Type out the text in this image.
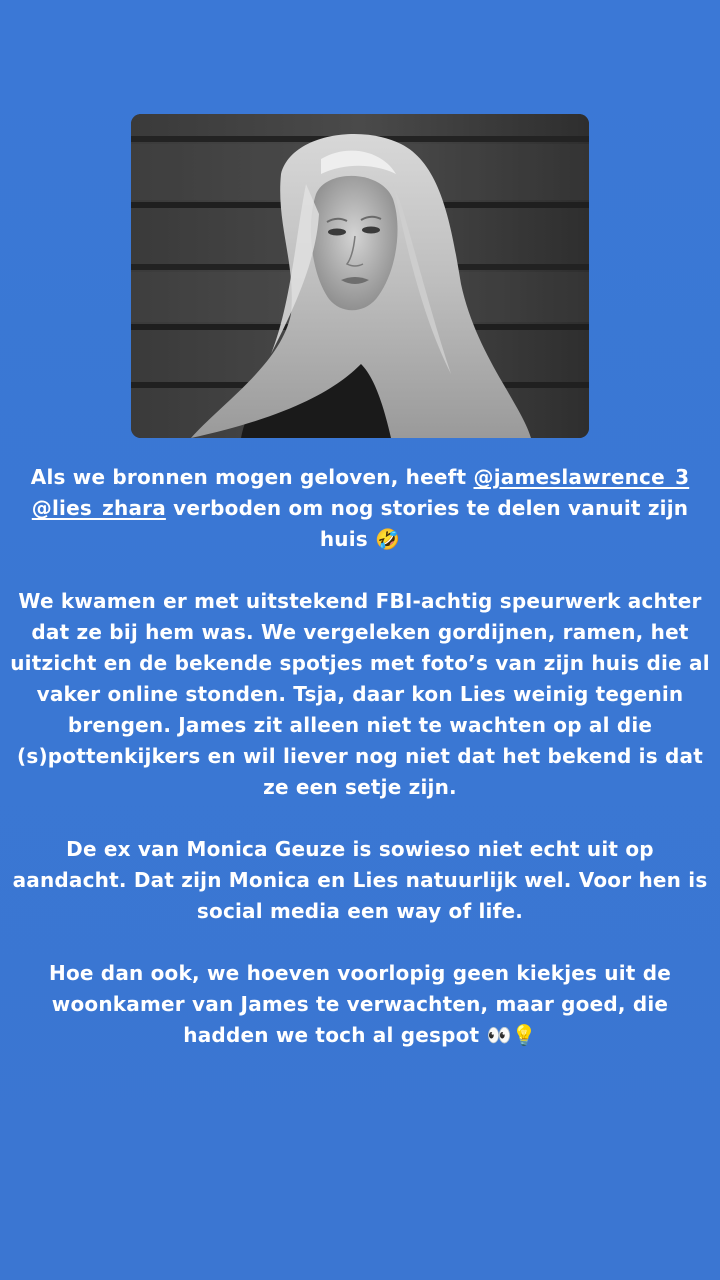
Als we bronnen mogen geloven, heeft @jameslawrence_3 @lies_zhara verboden om nog stories te delen vanuit zijn huis 🤣

We kwamen er met uitstekend FBI-achtig speurwerk achter dat ze bij hem was. We vergeleken gordijnen, ramen, het uitzicht en de bekende spotjes met foto’s van zijn huis die al vaker online stonden. Tsja, daar kon Lies weinig tegenin brengen. James zit alleen niet te wachten op al die (s)pottenkijkers en wil liever nog niet dat het bekend is dat ze een setje zijn.

De ex van Monica Geuze is sowieso niet echt uit op aandacht. Dat zijn Monica en Lies natuurlijk wel. Voor hen is social media een way of life.

Hoe dan ook, we hoeven voorlopig geen kiekjes uit de woonkamer van James te verwachten, maar goed, die hadden we toch al gespot 👀💡
